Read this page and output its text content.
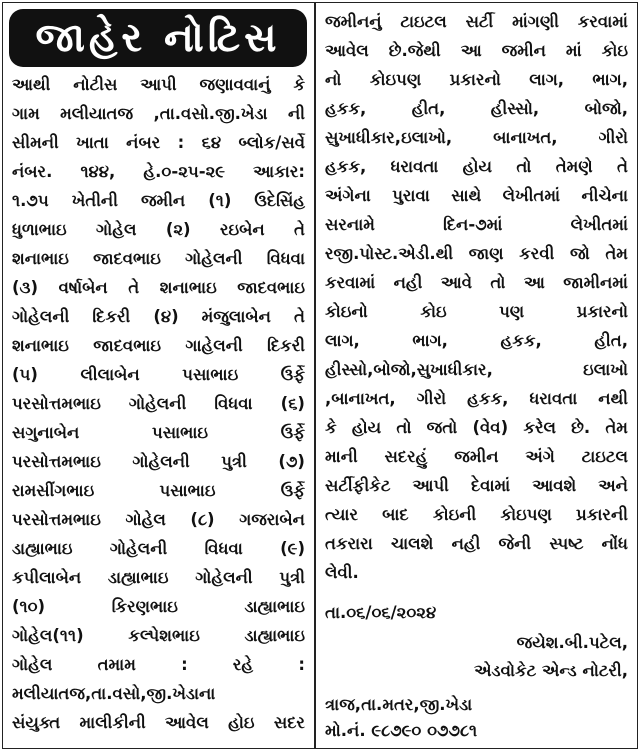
જાહેર નોટિસ
આથી નોટીસ આપી જણાવવાનું કે
ગામ મલીયાતજ ,તા.વસો.જી.ખેડા ની
સીમની ખાતા નંબર : ૬૪ બ્લોક/સર્વે
નંબર. ૧૪૪, હે.૦-૨૫-૨૯ આકાર:
૧.૭૫ ખેતીની જમીન (૧) ઉદેસિંહ
ધુળાભાઇ ગોહેલ (૨) રઇબેન તે
શનાભાઇ જાદવભાઇ ગોહેલની વિધવા
(૩) વર્ષાબેન તે શનાભાઇ જાદવભાઇ
ગોહેલની દિકરી (૪) મંજુલાબેન તે
શનાભાઇ જાદવભાઇ ગાહેલની દિકરી
(૫)	લીલાબેન	પસાભાઇ	ઉર્ફે
પરસોત્તમભાઇ ગોહેલની વિધવા (૬)
સગુનાબેન	પસાભાઇ	ઉર્ફે
પરસોત્તમભાઇ ગોહેલની પુત્રી (૭)
રામસીંગભાઇ	પસાભાઇ	ઉર્ફે
પરસોત્તમભાઇ ગોહેલ (૮) ગજરાબેન
ડાહ્યાભાઇ ગોહેલની વિધવા (૯)
કપીલાબેન ડાહ્યાભાઇ ગોહેલની પુત્રી
(૧૦)	કિરણભાઇ	ડાહ્યાભાઇ
ગોહેલ(૧૧)	કલ્પેશભાઇ	ડાહ્યાભાઇ
ગોહેલ	તમામ	:	રહે	:
મલીયાતજ,તા.વસો,જી.ખેડાના
સંયુક્ત માલીકીની આવેલ હોઇ સદર
જમીનનું ટાઇટલ સર્ટી માંગણી કરવામાં
આવેલ છે.જેથી આ જમીન માં કોઇ
નો કોઇપણ પ્રકારનો લાગ, ભાગ,
હકક,	હીત,	હીસ્સો,	બોજો,
સુખાધીકાર,ઇલાખો, બાનાખત, ગીરો
હકક, ધરાવતા હોય તો તેમણે તે
અંગેના પુરાવા સાથે લેખીતમાં નીચેના
સરનામે	દિન-૭માં	લેખીતમાં
રજી.પોસ્ટ.એડી.થી જાણ કરવી જો તેમ
કરવામાં નહી આવે તો આ જામીનમાં
કોઇનો	કોઇ	પણ	પ્રકારનો
લાગ,	ભાગ,	હકક,	હીત,
હીસ્સો,બોજો,સુખાધીકાર,	ઇલાખો
,બાનાખત, ગીરો હકક, ધરાવતા નથી
કે હોય તો જતો (વેવ) કરેલ છે. તેમ
માની સદરહું જમીન અંગે ટાઇટલ
સર્ટીફીકેટ આપી દેવામાં આવશે અને
ત્યાર બાદ કોઇની કોઇપણ પ્રકારની
તકરારા ચાલશે નહી જેની સ્પષ્ટ નોંધ
લેવી.
તા.૦૬/૦૬/૨૦૨૪
જયેશ.બી.પટેલ,
એડવોકેટ એન્ડ નોટરી,
ત્રાજ,તા.મતર,જી.ખેડા
મો.નં. ૯૮૭૯૦ ૦૭૭૮૧
